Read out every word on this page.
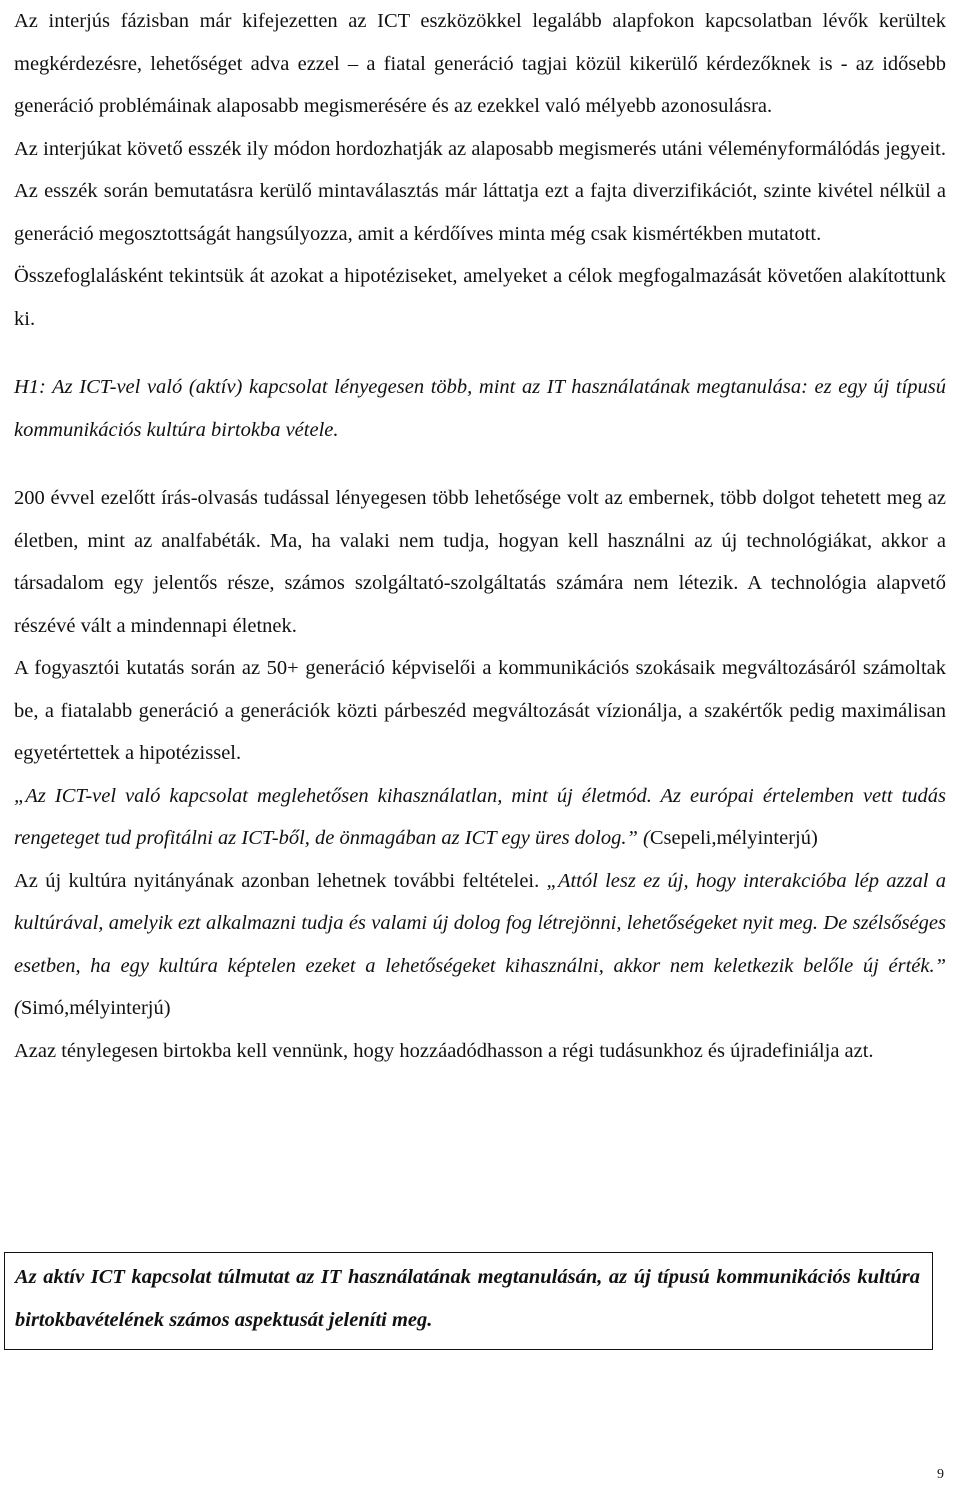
Az interjús fázisban már kifejezetten az ICT eszközökkel legalább alapfokon kapcsolatban lévők kerültek megkérdezésre, lehetőséget adva ezzel – a fiatal generáció tagjai közül kikerülő kérdezőknek is - az idősebb generáció problémáinak alaposabb megismerésére és az ezekkel való mélyebb azonosulásra.

Az interjúkat követő esszék ily módon hordozhatják az alaposabb megismerés utáni véleményformálódás jegyeit. Az esszék során bemutatásra kerülő mintaválasztás már láttatja ezt a fajta diverzifikációt, szinte kivétel nélkül a generáció megosztottságát hangsúlyozza, amit a kérdőíves minta még csak kismértékben mutatott.

Összefoglalásként tekintsük át azokat a hipotéziseket, amelyeket a célok megfogalmazását követően alakítottunk ki.

H1: Az ICT-vel való (aktív) kapcsolat lényegesen több, mint az IT használatának megtanulása: ez egy új típusú kommunikációs kultúra birtokba vétele.

200 évvel ezelőtt írás-olvasás tudással lényegesen több lehetősége volt az embernek, több dolgot tehetett meg az életben, mint az analfabéták. Ma, ha valaki nem tudja, hogyan kell használni az új technológiákat, akkor a társadalom egy jelentős része, számos szolgáltató-szolgáltatás számára nem létezik. A technológia alapvető részévé vált a mindennapi életnek.

A fogyasztói kutatás során az 50+ generáció képviselői a kommunikációs szokásaik megváltozásáról számoltak be, a fiatalabb generáció a generációk közti párbeszéd megváltozását vízionálja, a szakértők pedig maximálisan egyetértettek a hipotézissel.

„Az ICT-vel való kapcsolat meglehetősen kihasználatlan, mint új életmód. Az európai értelemben vett tudás rengeteget tud profitálni az ICT-ből, de önmagában az ICT egy üres dolog.” (Csepeli,mélyinterjú)

Az új kultúra nyitányának azonban lehetnek további feltételei. „Attól lesz ez új, hogy interakcióba lép azzal a kultúrával, amelyik ezt alkalmazni tudja és valami új dolog fog létrejönni, lehetőségeket nyit meg. De szélsőséges esetben, ha egy kultúra képtelen ezeket a lehetőségeket kihasználni, akkor nem keletkezik belőle új érték.” (Simó,mélyinterjú)

Azaz ténylegesen birtokba kell vennünk, hogy hozzáadódhasson a régi tudásunkhoz és újradefiniálja azt.

Az aktív ICT kapcsolat túlmutat az IT használatának megtanulásán, az új típusú kommunikációs kultúra birtokbavételének számos aspektusát jeleníti meg.

9
